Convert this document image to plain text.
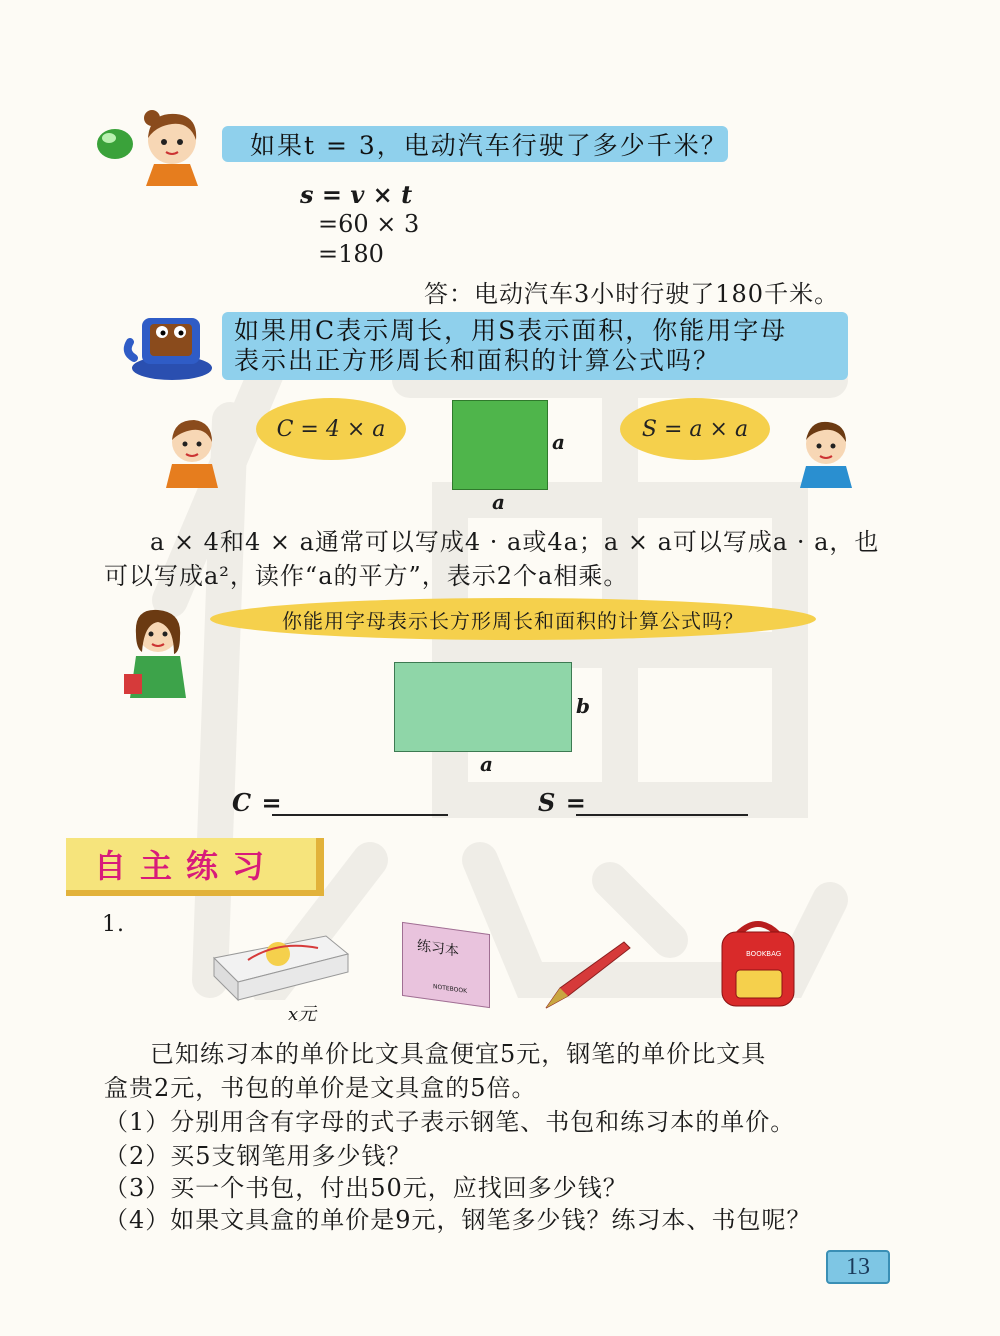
如果t = 3，电动汽车行驶了多少千米？
s = v × t
=60 × 3
=180
答：电动汽车3小时行驶了180千米。
如果用C表示周长，用S表示面积，你能用字母
表示出正方形周长和面积的计算公式吗？
C = 4 × a
a
a
S = a × a
a × 4和4 × a通常可以写成4 · a或4a；a × a可以写成a · a，也
可以写成a²，读作“a的平方”，表示2个a相乘。
你能用字母表示长方形周长和面积的计算公式吗？
b
a
C =	S =
自主练习
1.
x元
练习本
NOTEBOOK
BOOKBAG
已知练习本的单价比文具盒便宜5元，钢笔的单价比文具
盒贵2元，书包的单价是文具盒的5倍。
（1）分别用含有字母的式子表示钢笔、书包和练习本的单价。
（2）买5支钢笔用多少钱？
（3）买一个书包，付出50元，应找回多少钱？
（4）如果文具盒的单价是9元，钢笔多少钱？练习本、书包呢？
13
